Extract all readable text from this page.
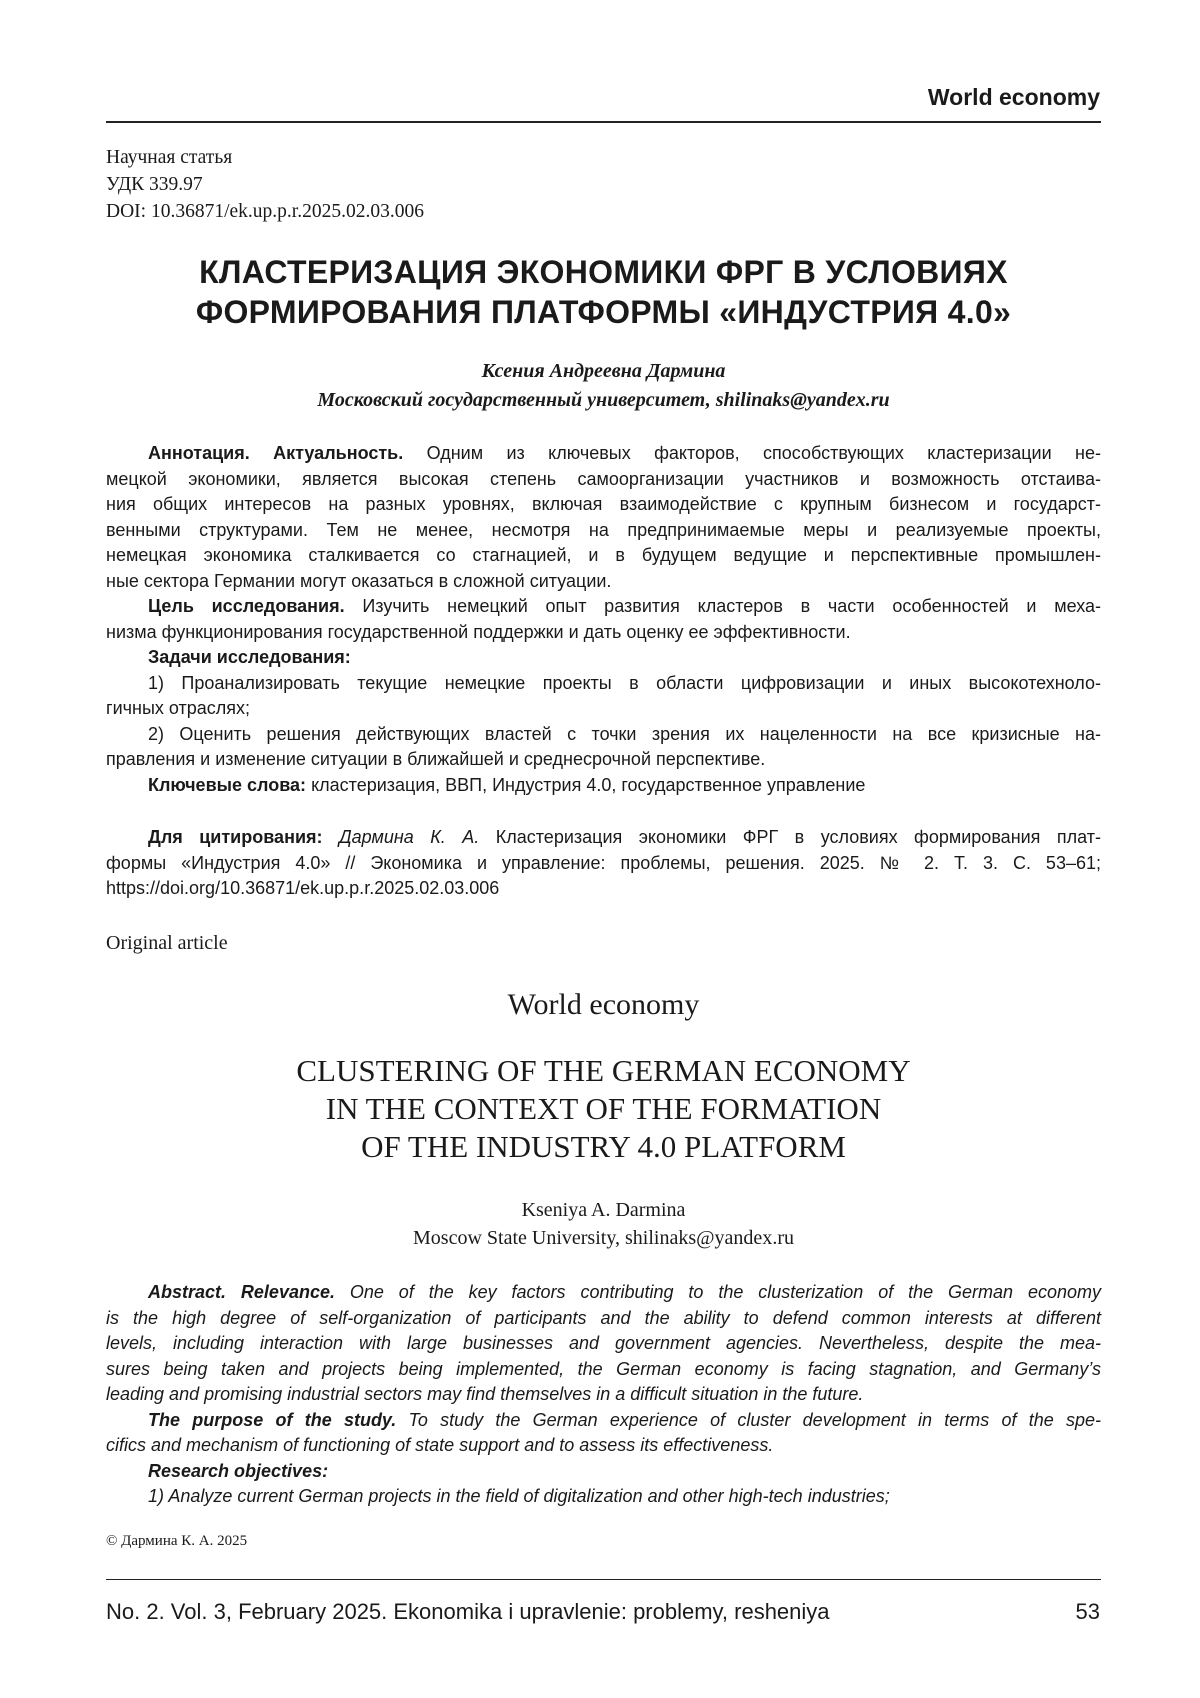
World economy
Научная статья
УДК 339.97
DOI: 10.36871/ek.up.p.r.2025.02.03.006
КЛАСТЕРИЗАЦИЯ ЭКОНОМИКИ ФРГ В УСЛОВИЯХ
ФОРМИРОВАНИЯ ПЛАТФОРМЫ «ИНДУСТРИЯ 4.0»
Ксения Андреевна Дармина
Московский государственный университет, shilinaks@yandex.ru
Аннотация. Актуальность. Одним из ключевых факторов, способствующих кластеризации не-
мецкой экономики, является высокая степень самоорганизации участников и возможность отстаива-
ния общих интересов на разных уровнях, включая взаимодействие с крупным бизнесом и государст-
венными структурами. Тем не менее, несмотря на предпринимаемые меры и реализуемые проекты,
немецкая экономика сталкивается со стагнацией, и в будущем ведущие и перспективные промышлен-
ные сектора Германии могут оказаться в сложной ситуации.
Цель исследования. Изучить немецкий опыт развития кластеров в части особенностей и меха-
низма функционирования государственной поддержки и дать оценку ее эффективности.
Задачи исследования:
1) Проанализировать текущие немецкие проекты в области цифровизации и иных высокотехноло-
гичных отраслях;
2) Оценить решения действующих властей с точки зрения их нацеленности на все кризисные на-
правления и изменение ситуации в ближайшей и среднесрочной перспективе.
Ключевые слова: кластеризация, ВВП, Индустрия 4.0, государственное управление
Для цитирования: Дармина К. А. Кластеризация экономики ФРГ в условиях формирования плат-
формы «Индустрия 4.0» // Экономика и управление: проблемы, решения. 2025. № 2. Т. 3. С. 53–61;
https://doi.org/10.36871/ek.up.p.r.2025.02.03.006
Original article
World economy
CLUSTERING OF THE GERMAN ECONOMY
IN THE CONTEXT OF THE FORMATION
OF THE INDUSTRY 4.0 PLATFORM
Kseniya A. Darmina
Moscow State University, shilinaks@yandex.ru
Abstract. Relevance. One of the key factors contributing to the clusterization of the German economy
is the high degree of self-organization of participants and the ability to defend common interests at different
levels, including interaction with large businesses and government agencies. Nevertheless, despite the mea-
sures being taken and projects being implemented, the German economy is facing stagnation, and Germany’s
leading and promising industrial sectors may find themselves in a difficult situation in the future.
The purpose of the study. To study the German experience of cluster development in terms of the spe-
cifics and mechanism of functioning of state support and to assess its effectiveness.
Research objectives:
1) Analyze current German projects in the field of digitalization and other high-tech industries;
© Дармина К. А. 2025
No. 2. Vol. 3, February 2025. Ekonomika i upravlenie: problemy, resheniya	53
